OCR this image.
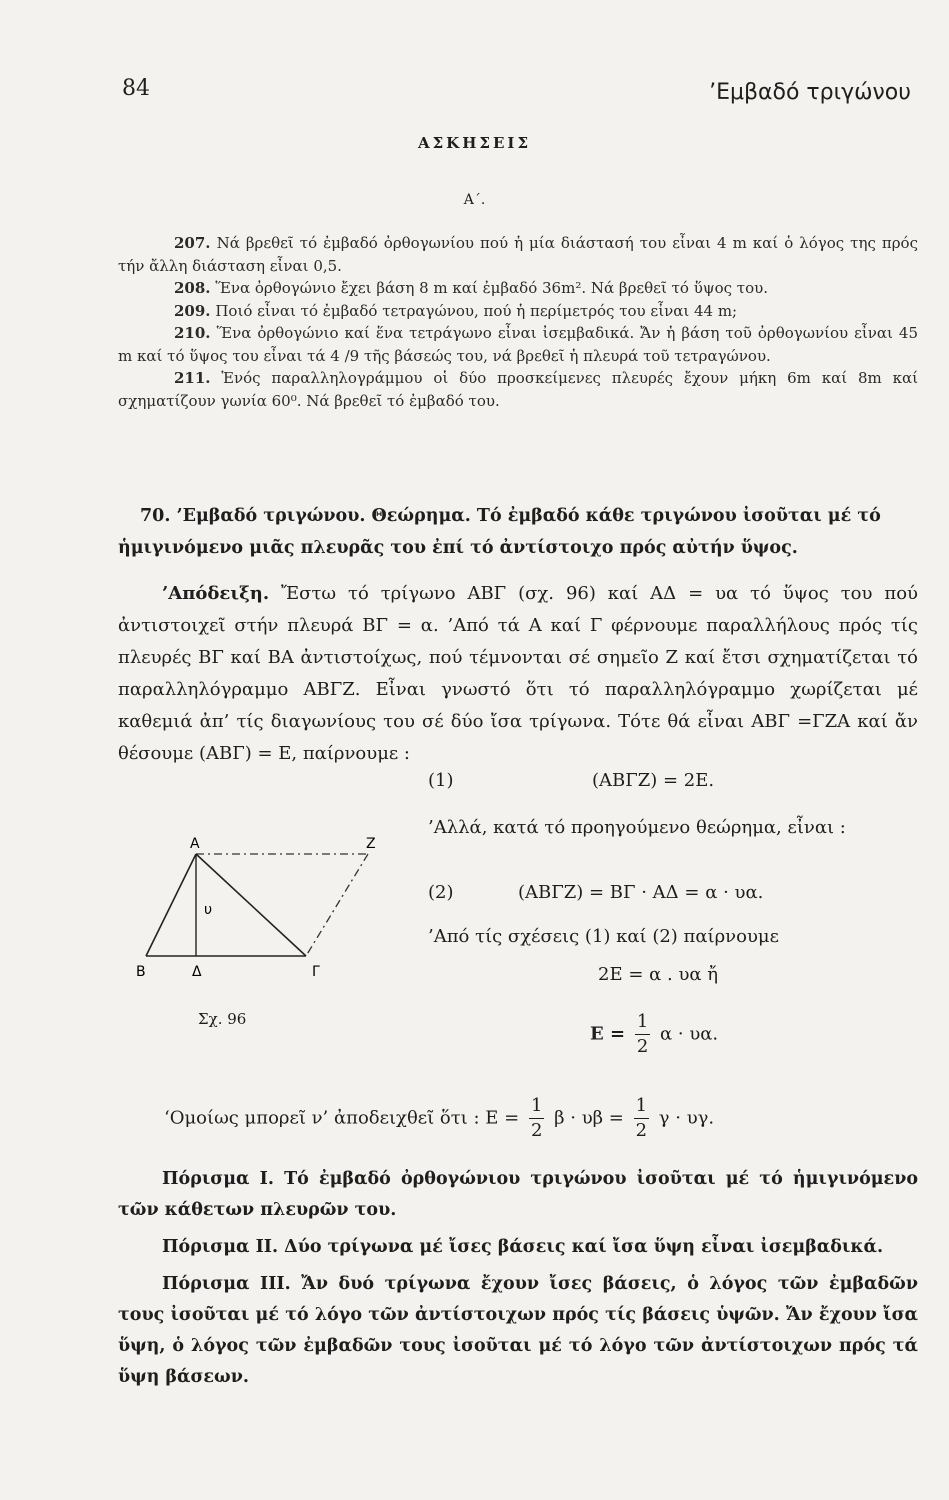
84	’Εμβαδό τριγώνου
ΑΣΚΗΣΕΙΣ
Α΄.

207. Νά βρεθεῖ τό ἐμβαδό ὀρθογωνίου πού ἡ μία διάστασή του εἶναι 4 m καί ὁ λόγος της πρός τήν ἄλλη διάσταση εἶναι 0,5.

208. Ἕνα ὀρθογώνιο ἔχει βάση 8 m καί ἐμβαδό 36m². Νά βρεθεῖ τό ὕψος του.

209. Ποιό εἶναι τό ἐμβαδό τετραγώνου, πού ἡ περίμετρός του εἶναι 44 m;

210. Ἕνα ὀρθογώνιο καί ἕνα τετράγωνο εἶναι ἰσεμβαδικά. Ἄν ἡ βάση τοῦ ὀρθογωνίου εἶναι 45 m καί τό ὕψος του εἶναι τά 4 /9 τῆς βάσεώς του, νά βρεθεῖ ἡ πλευρά τοῦ τετραγώνου.

211. Ἑνός παραλληλογράμμου οἱ δύο προσκείμενες πλευρές ἔχουν μήκη 6m καί 8m καί σχηματίζουν γωνία 60⁰. Νά βρεθεῖ τό ἐμβαδό του.

70. ’Εμβαδό τριγώνου. Θεώρημα. Τό ἐμβαδό κάθε τριγώνου ἰσοῦται μέ τό ἡμιγινόμενο μιᾶς πλευρᾶς του ἐπί τό ἀντίστοιχο πρός αὐτήν ὕψος.
’Απόδειξη. Ἔστω τό τρίγωνο ΑΒΓ (σχ. 96) καί ΑΔ = υα τό ὕψος του πού ἀντιστοιχεῖ στήν πλευρά ΒΓ = α. ’Από τά Α καί Γ φέρνουμε παραλλήλους πρός τίς πλευρές ΒΓ καί ΒΑ ἀντιστοίχως, πού τέμνονται σέ σημεῖο Ζ καί ἔτσι σχηματίζεται τό παραλληλόγραμμο ΑΒΓΖ. Εἶναι γνωστό ὅτι τό παραλληλόγραμμο χωρίζεται μέ καθεμιά ἀπ’ τίς διαγωνίους του σέ δύο ἴσα τρίγωνα. Τότε θά εἶναι ΑΒΓ =ΓΖΑ καί ἄν θέσουμε (ΑΒΓ) = Ε, παίρνουμε :
(1)	(ΑΒΓΖ) = 2Ε.
’Αλλά, κατά τό προηγούμενο θεώρημα, εἶναι :
(2)	(ΑΒΓΖ) = ΒΓ · ΑΔ = α · υα.
’Από τίς σχέσεις (1) καί (2) παίρνουμε
2Ε = α . υα ἤ
$E = \frac{1}{2}$ α · υα.
Α	Ζ
Β	Δ	Γ
υ
Σχ. 96
‘Ομοίως μπορεῖ ν’ ἀποδειχθεῖ ὅτι : $E = \frac{1}{2}$ $\beta \cdot \upsilon\beta = \frac{1}{2}$ γ · υγ.

Πόρισμα Ι. Τό ἐμβαδό ὀρθογώνιου τριγώνου ἰσοῦται μέ τό ἡμιγινόμενο τῶν κάθετων πλευρῶν του.

Πόρισμα ΙΙ. Δύο τρίγωνα μέ ἴσες βάσεις καί ἴσα ὕψη εἶναι ἰσεμβαδικά.

Πόρισμα ΙΙΙ. Ἄν δυό τρίγωνα ἔχουν ἴσες βάσεις, ὁ λόγος τῶν ἐμβαδῶν τους ἰσοῦται μέ τό λόγο τῶν ἀντίστοιχων πρός τίς βάσεις ὑψῶν. Ἄν ἔχουν ἴσα ὕψη, ὁ λόγος τῶν ἐμβαδῶν τους ἰσοῦται μέ τό λόγο τῶν ἀντίστοιχων πρός τά ὕψη βάσεων.
